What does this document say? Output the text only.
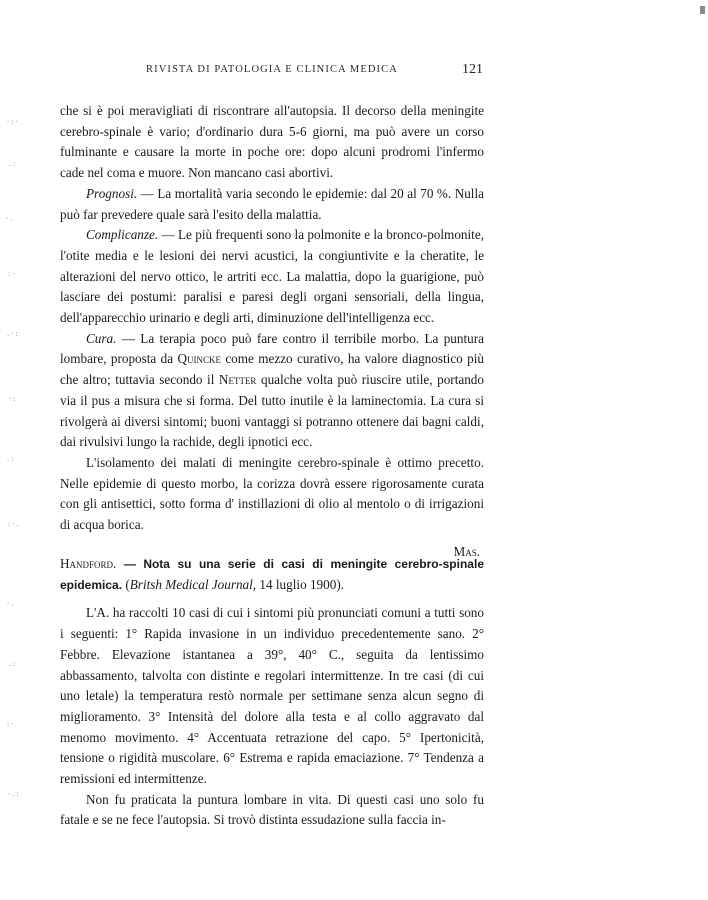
·:·
.:
·.
:·
.·:
·:
.:
:·.
·.
.:
:·
·.:
RIVISTA DI PATOLOGIA E CLINICA MEDICA	121

che si è poi meravigliati di riscontrare all'autopsia. Il decorso della meningite cerebro-spinale è vario; d'ordinario dura 5-6 giorni, ma può avere un corso fulminante e causare la morte in poche ore: dopo alcuni prodromi l'infermo cade nel coma e muore. Non mancano casi abortivi.

Prognosi. — La mortalità varia secondo le epidemie: dal 20 al 70 %. Nulla può far prevedere quale sarà l'esito della malattia.

Complicanze. — Le più frequenti sono la polmonite e la bronco-polmonite, l'otite media e le lesioni dei nervi acustici, la congiuntivite e la cheratite, le alterazioni del nervo ottico, le artriti ecc. La malattia, dopo la guarigione, può lasciare dei postumi: paralisi e paresi degli organi sensoriali, della lingua, dell'apparecchio urinario e degli arti, diminuzione dell'intelligenza ecc.

Cura. — La terapia poco può fare contro il terribile morbo. La puntura lombare, proposta da Quincke come mezzo curativo, ha valore diagnostico più che altro; tuttavia secondo il Netter qualche volta può riuscire utile, portando via il pus a misura che si forma. Del tutto inutile è la laminectomia. La cura si rivolgerà ai diversi sintomi; buoni vantaggi si potranno ottenere dai bagni caldi, dai rivulsivi lungo la rachide, degli ipnotici ecc.

L'isolamento dei malati di meningite cerebro-spinale è ottimo precetto. Nelle epidemie di questo morbo, la corizza dovrà essere rigorosamente curata con gli antisettici, sotto forma d' instillazioni di olio al mentolo o di irrigazioni di acqua borica.

Mas.

Handford. — Nota su una serie di casi di meningite cerebro-spinale epidemica. (Britsh Medical Journal, 14 luglio 1900).

L'A. ha raccolti 10 casi di cui i sintomi più pronunciati comuni a tutti sono i seguenti: 1° Rapida invasione in un individuo precedentemente sano. 2° Febbre. Elevazione istantanea a 39°, 40° C., seguita da lentissimo abbassamento, talvolta con distinte e regolari intermittenze. In tre casi (di cui uno letale) la temperatura restò normale per settimane senza alcun segno di miglioramento. 3° Intensità del dolore alla testa e al collo aggravato dal menomo movimento. 4° Accentuata retrazione del capo. 5° Ipertonicità, tensione o rigidità muscolare. 6° Estrema e rapida emaciazione. 7° Tendenza a remissioni ed intermittenze.

Non fu praticata la puntura lombare in vita. Di questi casi uno solo fu fatale e se ne fece l'autopsia. Si trovò distinta essudazione sulla faccia in-
